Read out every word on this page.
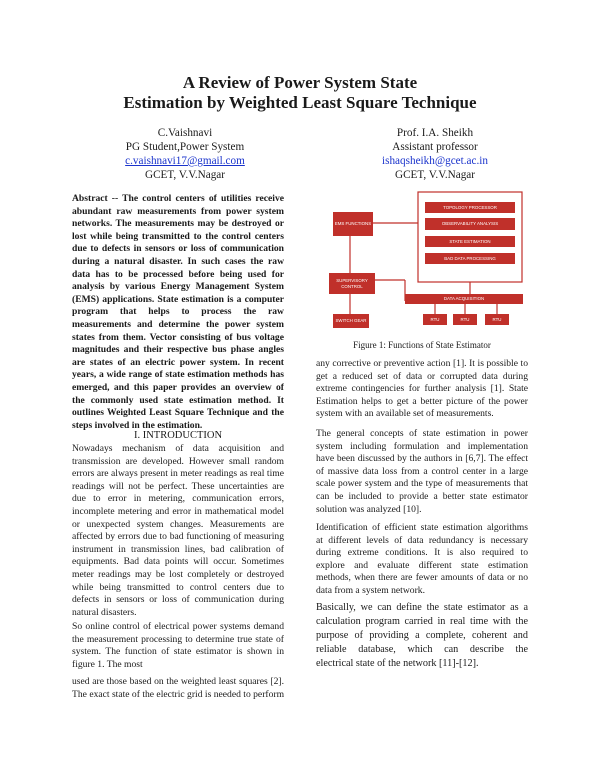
A Review of Power System State
Estimation by Weighted Least Square Technique
C.Vaishnavi
PG Student,Power System
c.vaishnavi17@gmail.com
GCET, V.V.Nagar
Prof. I.A. Sheikh
Assistant professor
ishaqsheikh@gcet.ac.in
GCET, V.V.Nagar
Abstract -- The control centers of utilities receive
abundant raw measurements from power system
networks. The measurements may be destroyed or
lost while being transmitted to the control centers
due to defects in sensors or loss of communication
during a natural disaster. In such cases the raw
data has to be processed before being used for
analysis by various Energy Management System
(EMS) applications. State estimation is a computer
program that helps to process the raw
measurements and determine the power system
states from them. Vector consisting of bus voltage
magnitudes and their respective bus phase angles
are states of an electric power system. In recent
years, a wide range of state estimation methods has
emerged, and this paper provides an overview of
the commonly used state estimation method. It
outlines Weighted Least Square Technique and the
steps involved in the estimation.
I. INTRODUCTION
Nowadays mechanism of data acquisition and
transmission are developed. However small random
errors are always present in meter readings as real time
readings will not be perfect. These uncertainties are
due to error in metering, communication errors,
incomplete metering and error in mathematical model
or unexpected system changes. Measurements are
affected by errors due to bad functioning of measuring
instrument in transmission lines, bad calibration of
equipments. Bad data points will occur. Sometimes
meter readings may be lost completely or destroyed
while being transmitted to control centers due to
defects in sensors or loss of communication during
natural disasters.
So online control of electrical power systems demand
the measurement processing to determine true state of
system. The function of state estimator is shown in
figure 1. The most
used are those based on the weighted least squares [2].
The exact state of the electric grid is needed to perform
TOPOLOGY PROCESSOR
OBSERVABILITY ANALYSIS
STATE ESTIMATION
BAD DATA PROCESSING
EMS FUNCTIONS
SUPERVISORY CONTROL
SWITCH GEAR
DATA ACQUISITION
RTU	RTU	RTU
Figure 1: Functions of State Estimator
any corrective or preventive action [1]. It is possible to
get a reduced set of data or corrupted data during
extreme contingencies for further analysis [1]. State
Estimation helps to get a better picture of the power
system with an available set of measurements.
The general concepts of state estimation in power
system including formulation and implementation
have been discussed by the authors in [6,7]. The effect
of massive data loss from a control center in a large
scale power system and the type of measurements that
can be included to provide a better state estimator
solution was analyzed [10].
Identification of efficient state estimation algorithms
at different levels of data redundancy is necessary
during extreme conditions. It is also required to
explore and evaluate different state estimation
methods, when there are fewer amounts of data or no
data from a system network.
Basically, we can define the state estimator as a
calculation program carried in real time with the
purpose of providing a complete, coherent and
reliable database, which can describe the
electrical state of the network [11]-[12].
